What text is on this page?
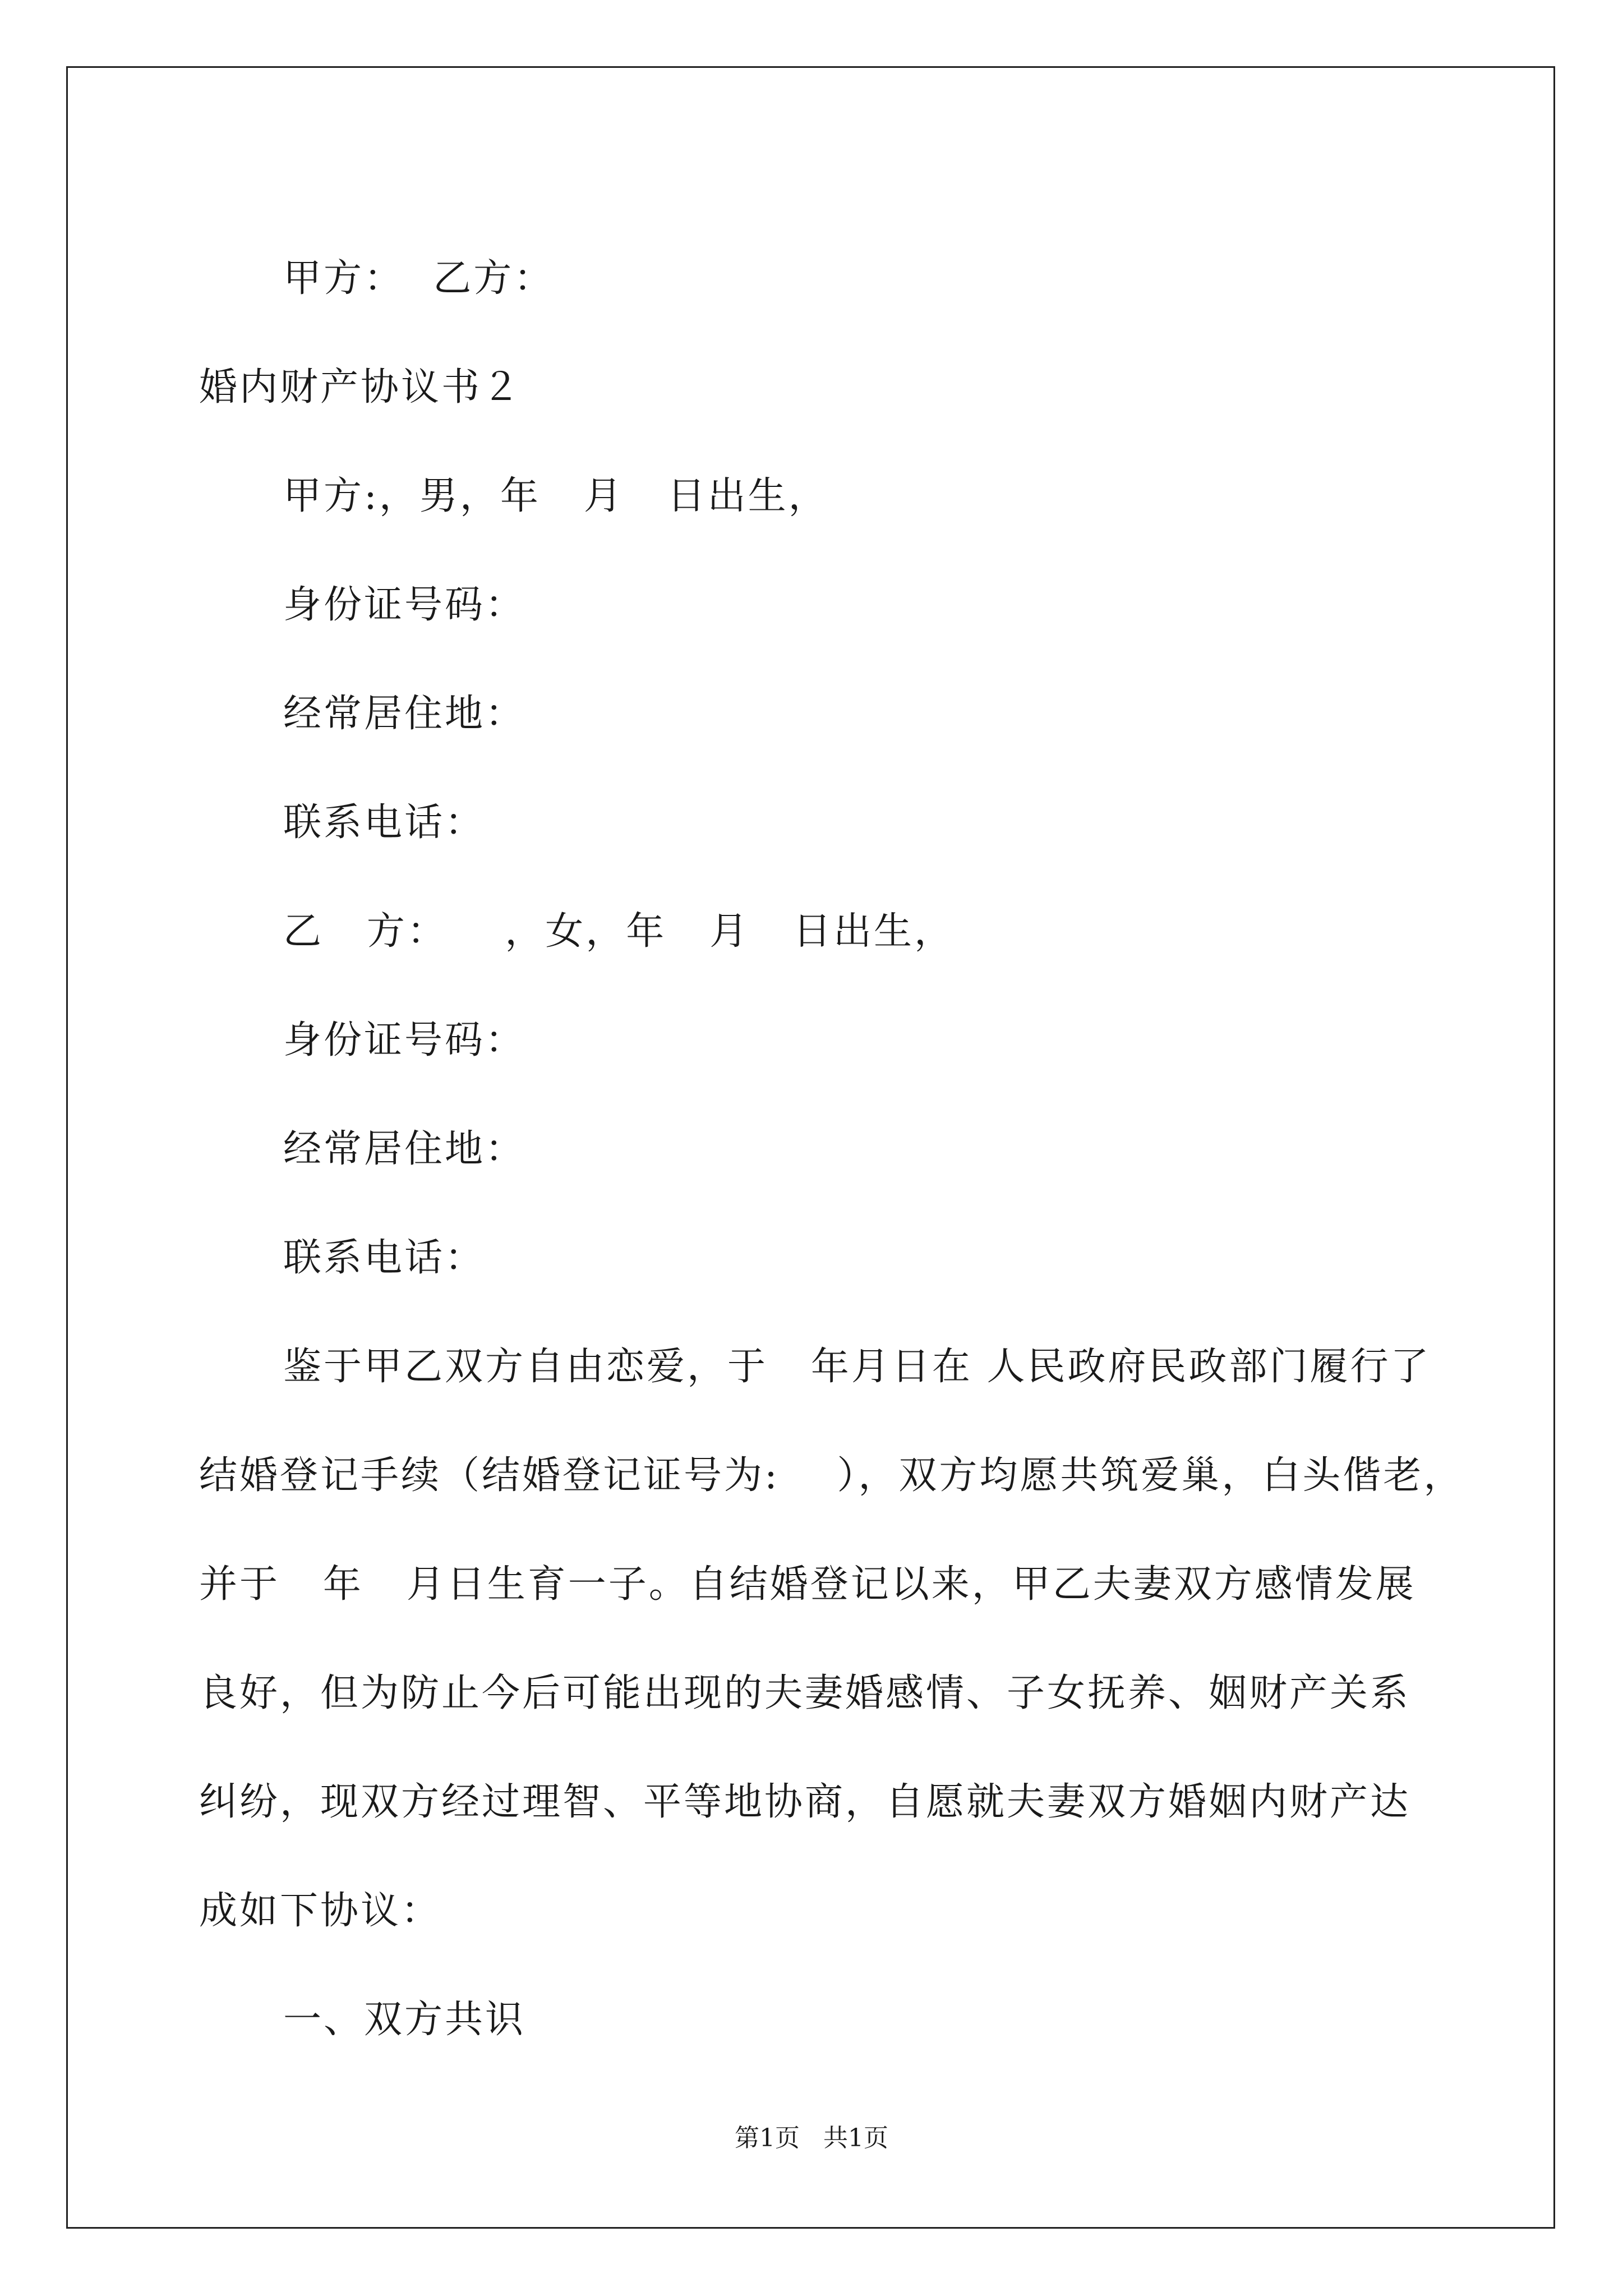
甲方：  乙方：
婚内财产协议书２
甲方:，男，年   月   日出生，
身份证号码：
经常居住地：
联系电话：
乙   方：    ，女，年   月   日出生，
身份证号码：
经常居住地：
联系电话：
鉴于甲乙双方自由恋爱，于   年月日在 人民政府民政部门履行了
结婚登记手续（结婚登记证号为:    ），双方均愿共筑爱巢，白头偕老，
并于   年   月日生育一子。自结婚登记以来，甲乙夫妻双方感情发展
良好，但为防止今后可能出现的夫妻婚感情、子女抚养、姻财产关系
纠纷，现双方经过理智、平等地协商，自愿就夫妻双方婚姻内财产达
成如下协议：
一、双方共识
第1页   共1页
